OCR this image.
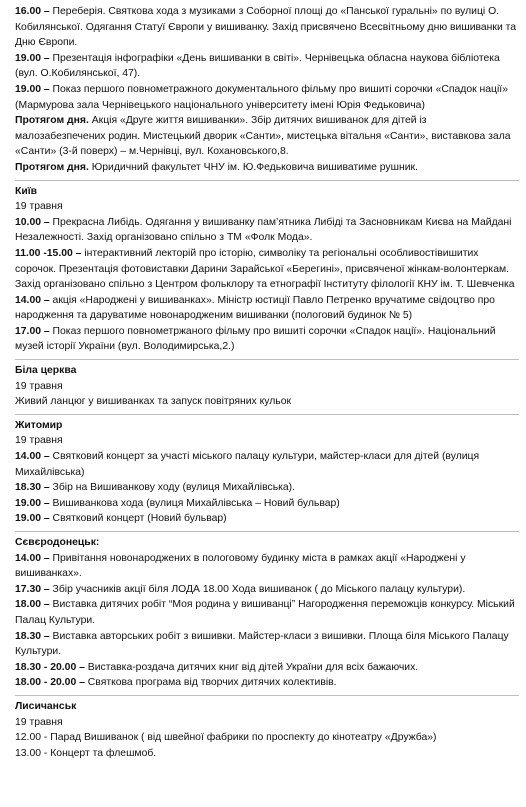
16.00 – Переберія. Святкова хода з музиками з Соборної площі до «Панської гуральні» по вулиці О. Кобилянської. Одягання Статуї Європи у вишиванку. Захід присвячено Всесвітньому дню вишиванки та Дню Європи.
19.00 – Презентація інфографіки «День вишиванки в світі». Чернівецька обласна наукова бібліотека (вул. О.Кобилянської, 47).
19.00 – Показ першого повнометражного документального фільму про вишиті сорочки «Спадок нації» (Мармурова зала Чернівецького національного університету імені Юрія Федьковича)
Протягом дня. Акція «Друге життя вишиванки». Збір дитячих вишиванок для дітей із малозабезпечених родин. Мистецький дворик «Санти», мистецька вітальня «Санти», виставкова зала «Санти» (3-й поверх) – м.Чернівці, вул. Кохановського,8.
Протягом дня. Юридичний факультет ЧНУ ім. Ю.Федьковича вишиватиме рушник.
Київ
19 травня
10.00 – Прекрасна Либідь. Одягання у вишиванку пам’ятника Либіді та Засновникам Києва на Майдані Незалежності. Захід організовано спільно з ТМ «Фолк Мода».
11.00 -15.00 – інтерактивний лекторій про історію, символіку та регіональні особливостівишитих сорочок. Презентація фотовиставки Дарини Зарайської «Берегині», присвяченої жінкам-волонтеркам. Захід організовано спільно з Центром фольклору та етнографії Інституту філології КНУ ім. Т. Шевченка
14.00 – акція «Народжені у вишиванках». Міністр юстиції Павло Петренко вручатиме свідоцтво про народження та даруватиме новонародженим вишиванки (пологовий будинок № 5)
17.00 – Показ першого повнометржаного фільму про вишиті сорочки «Спадок нації». Національний музей історії України (вул. Володимирська,2.)
Біла церква
19 травня
Живий ланцюг у вишиванках та запуск повітряних кульок
Житомир
19 травня
14.00 – Святковий концерт за участі міського палацу культури, майстер-класи для дітей (вулиця Михайлівська)
18.30 – Збір на Вишиванкову ходу (вулиця Михайлівська).
19.00 – Вишиванкова хода (вулиця Михайлівська – Новий бульвар)
19.00 – Святковий концерт (Новий бульвар)
Сєвєродонецьк:
14.00 – Привітання новонароджених в пологовому будинку міста в рамках акції «Народжені у вишиванках».
17.30 – Збір учасників акції біля ЛОДА 18.00 Хода вишиванок ( до Міського палацу культури).
18.00 – Виставка дитячих робіт “Моя родина у вишиванці” Нагородження переможців конкурсу. Міський Палац Культури.
18.30 – Виставка авторських робіт з вишивки. Майстер-класи з вишивки. Площа біля Міського Палацу Культури.
18.30 - 20.00 – Виставка-роздача дитячих книг від дітей України для всіх бажаючих.
18.00 - 20.00 – Святкова програма від творчих дитячих колективів.
Лисичанськ
19 травня
12.00 - Парад Вишиванок ( від швейної фабрики по проспекту до кінотеатру «Дружба»)
13.00 - Концерт та флешмоб.
